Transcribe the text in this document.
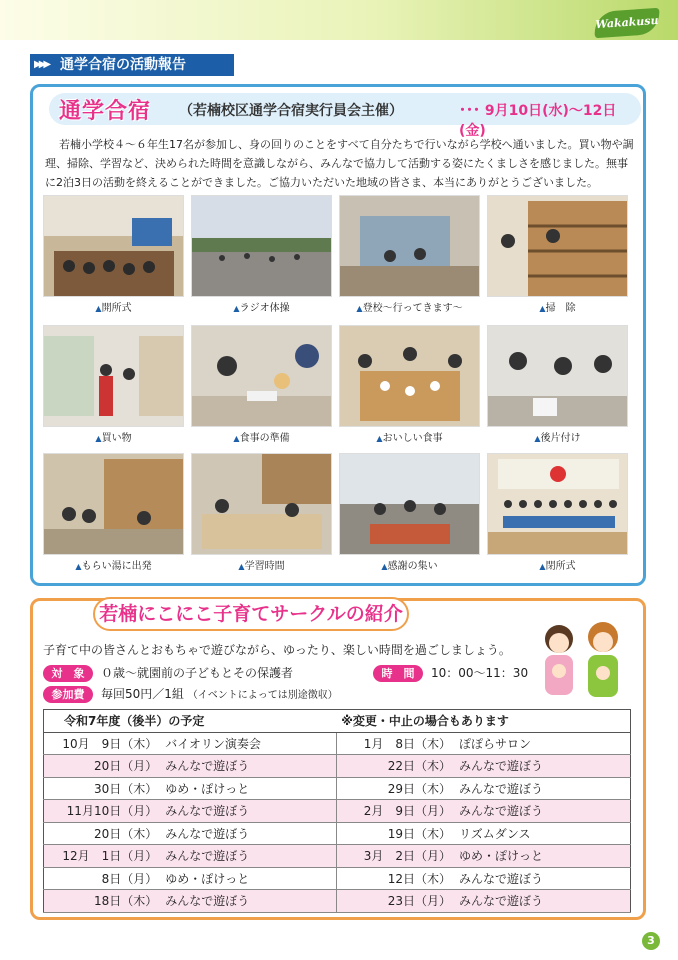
Wakakusu
▶▶▶ 通学合宿の活動報告
通学合宿 （若楠校区通学合宿実行員会主催）	･･･ 9月10日(水)～12日(金)

若楠小学校４～６年生17名が参加し、身の回りのことをすべて自分たちで行いながら学校へ通いました。買い物や調理、掃除、学習など、決められた時間を意識しながら、みんなで協力して活動する姿にたくましさを感じました。無事に2泊3日の活動を終えることができました。ご協力いただいた地域の皆さま、本当にありがとうございました。

▲開所式	▲ラジオ体操	▲登校～行ってきます～	▲掃　除
▲買い物	▲食事の準備	▲おいしい食事	▲後片付け
▲もらい湯に出発	▲学習時間	▲感謝の集い	▲閉所式
若楠にこにこ子育てサークルの紹介

子育て中の皆さんとおもちゃで遊びながら、ゆったり、楽しい時間を過ごしましょう。

対　象	０歳～就園前の子どもとその保護者	時　間	10：00～11：30
参加費	毎回50円／1組 （イベントによっては別途徴収）
令和7年度（後半）の予定		※変更・中止の場合もあります	
10月　9日（木）	バイオリン演奏会		1月　8日（木）	ぽぽらサロン
20日（月）	みんなで遊ぼう		22日（木）	みんなで遊ぼう
30日（木）	ゆめ・ぽけっと		29日（木）	みんなで遊ぼう
11月10日（月）	みんなで遊ぼう		2月　9日（月）	みんなで遊ぼう
20日（木）	みんなで遊ぼう		19日（木）	リズムダンス
12月　1日（月）	みんなで遊ぼう		3月　2日（月）	ゆめ・ぽけっと
8日（月）	ゆめ・ぽけっと		12日（木）	みんなで遊ぼう
18日（木）	みんなで遊ぼう		23日（月）	みんなで遊ぼう
3
